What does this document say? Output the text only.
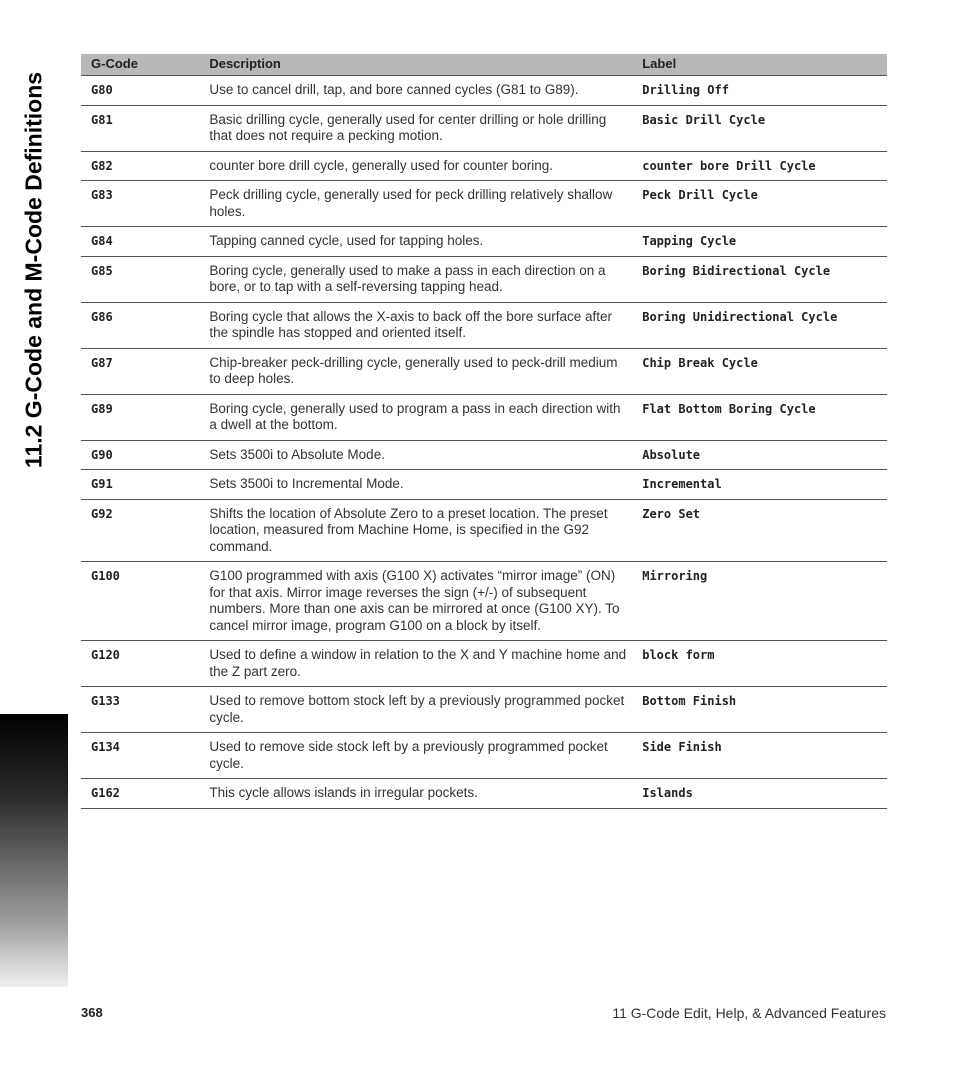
11.2 G-Code and M-Code Definitions
G-Code	Description	Label
G80	Use to cancel drill, tap, and bore canned cycles (G81 to G89).	Drilling Off
G81	Basic drilling cycle, generally used for center drilling or hole drilling that does not require a pecking motion.	Basic Drill Cycle
G82	counter bore drill cycle, generally used for counter boring.	counter bore Drill Cycle
G83	Peck drilling cycle, generally used for peck drilling relatively shallow holes.	Peck Drill Cycle
G84	Tapping canned cycle, used for tapping holes.	Tapping Cycle
G85	Boring cycle, generally used to make a pass in each direction on a bore, or to tap with a self-reversing tapping head.	Boring Bidirectional Cycle
G86	Boring cycle that allows the X-axis to back off the bore surface after the spindle has stopped and oriented itself.	Boring Unidirectional Cycle
G87	Chip-breaker peck-drilling cycle, generally used to peck-drill medium to deep holes.	Chip Break Cycle
G89	Boring cycle, generally used to program a pass in each direction with a dwell at the bottom.	Flat Bottom Boring Cycle
G90	Sets 3500i to Absolute Mode.	Absolute
G91	Sets 3500i to Incremental Mode.	Incremental
G92	Shifts the location of Absolute Zero to a preset location. The preset location, measured from Machine Home, is specified in the G92 command.	Zero Set
G100	G100 programmed with axis (G100 X) activates “mirror image” (ON) for that axis. Mirror image reverses the sign (+/-) of subsequent numbers. More than one axis can be mirrored at once (G100 XY). To cancel mirror image, program G100 on a block by itself.	Mirroring
G120	Used to define a window in relation to the X and Y machine home and the Z part zero.	block form
G133	Used to remove bottom stock left by a previously programmed pocket cycle.	Bottom Finish
G134	Used to remove side stock left by a previously programmed pocket cycle.	Side Finish
G162	This cycle allows islands in irregular pockets.	Islands
368	11 G-Code Edit, Help, & Advanced Features
